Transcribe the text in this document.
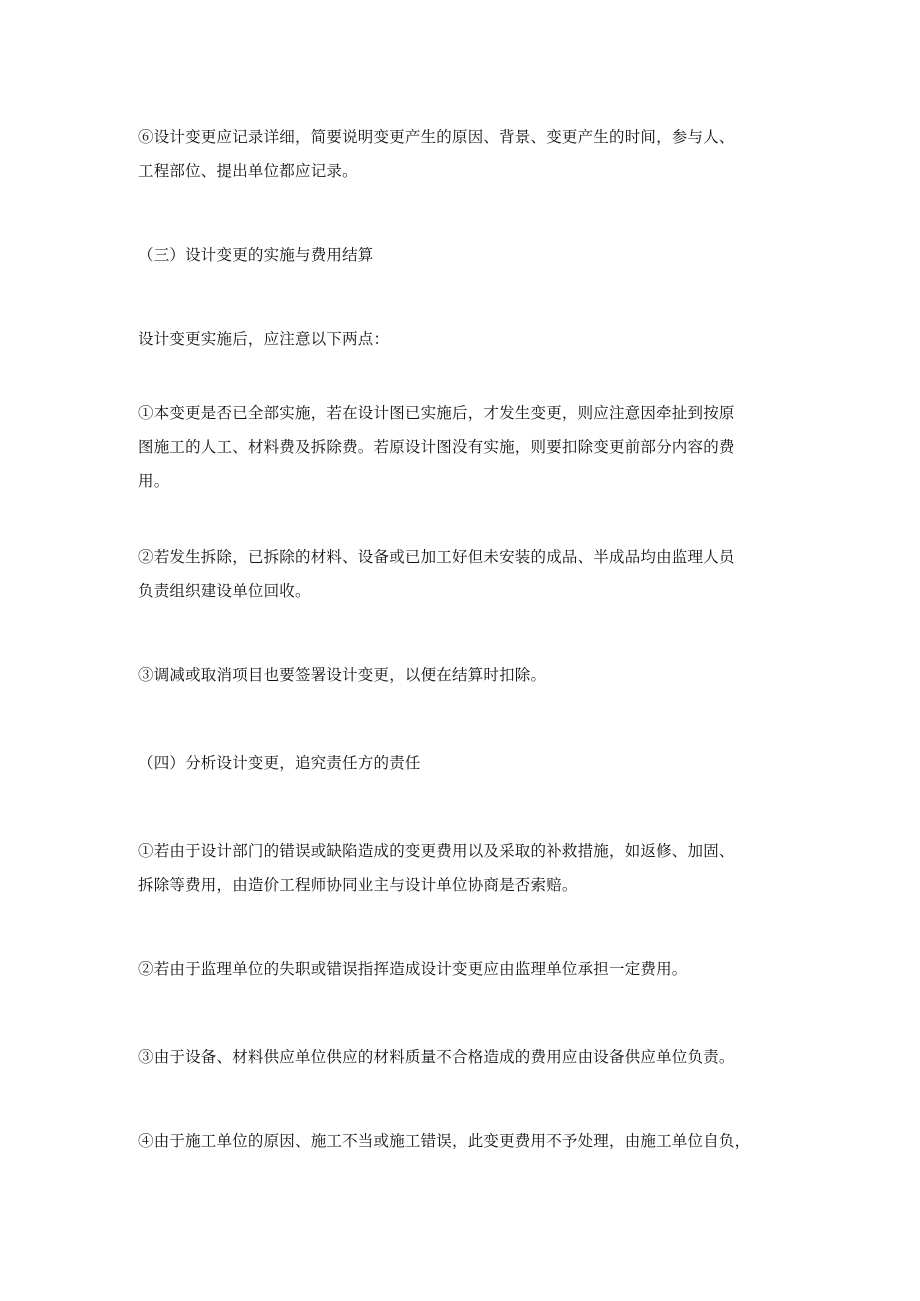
⑥设计变更应记录详细，简要说明变更产生的原因、背景、变更产生的时间，参与人、
工程部位、提出单位都应记录。

（三）设计变更的实施与费用结算

设计变更实施后，应注意以下两点：

①本变更是否已全部实施，若在设计图已实施后，才发生变更，则应注意因牵扯到按原
图施工的人工、材料费及拆除费。若原设计图没有实施，则要扣除变更前部分内容的费
用。

②若发生拆除，已拆除的材料、设备或已加工好但未安装的成品、半成品均由监理人员
负责组织建设单位回收。

③调减或取消项目也要签署设计变更，以便在结算时扣除。

（四）分析设计变更，追究责任方的责任

①若由于设计部门的错误或缺陷造成的变更费用以及采取的补救措施，如返修、加固、
拆除等费用，由造价工程师协同业主与设计单位协商是否索赔。

②若由于监理单位的失职或错误指挥造成设计变更应由监理单位承担一定费用。

③由于设备、材料供应单位供应的材料质量不合格造成的费用应由设备供应单位负责。

④由于施工单位的原因、施工不当或施工错误，此变更费用不予处理，由施工单位自负，
